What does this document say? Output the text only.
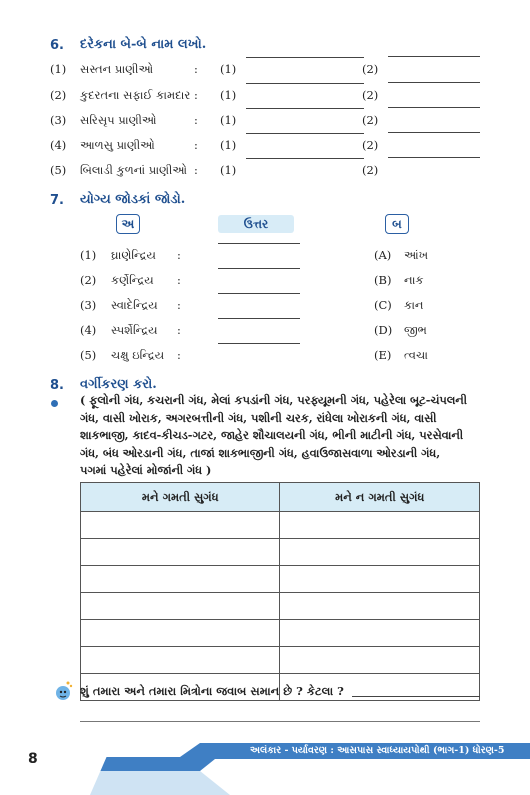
6. દરેકના બે-બે નામ લખો.
(1) સસ્તન પ્રાણીઓ	: (1)	(2)
(2) કુદરતના સફાઈ કામદાર : (1)	(2)
(3) સરિસૃપ પ્રાણીઓ	: (1)	(2)
(4) આળસુ પ્રાણીઓ	: (1)	(2)
(5) બિલાડી કુળનાં પ્રાણીઓ : (1)	(2)
7. યોગ્ય જોડકાં જોડો.
અ	ઉત્તર	બ
(1) ઘ્રાણેન્દ્રિય :	(A) આંખ
(2) કર્ણેન્દ્રિય :	(B) નાક
(3) સ્વાદેન્દ્રિય :	(C) કાન
(4) સ્પર્શેન્દ્રિય :	(D) જીભ
(5) ચક્ષુ ઇન્દ્રિય :	(E) ત્વચા
8. વર્ગીકરણ કરો.
( ફૂલોની ગંધ, કચરાની ગંધ, મેલાં કપડાંની ગંધ, પરફ્યૂમની ગંધ, પહેરેલા બૂટ-ચંપલની
ગંધ, વાસી ખોરાક, અગરબત્તીની ગંધ, પશીની ચરક, રાંધેલા ખોરાકની ગંધ, વાસી
શાકભાજી, કાદવ-કીચડ-ગટર, જાહેર શૌચાલયની ગંધ, ભીની માટીની ગંધ, પરસેવાની
ગંધ, બંધ ઓરડાની ગંધ, તાજાં શાકભાજીની ગંધ, હવાઉજાસવાળા ઓરડાની ગંધ,
પગમાં પહેરેલાં મોજાંની ગંધ )
મને ગમતી સુગંધ	મને ન ગમતી સુગંધ

શું તમારા અને તમારા મિત્રોના જવાબ સમાન છે ? કેટલા ?
8
અલંકાર - પર્યાવરણ : આસપાસ સ્વાધ્યાયપોથી (ભાગ-1) ધોરણ-5
